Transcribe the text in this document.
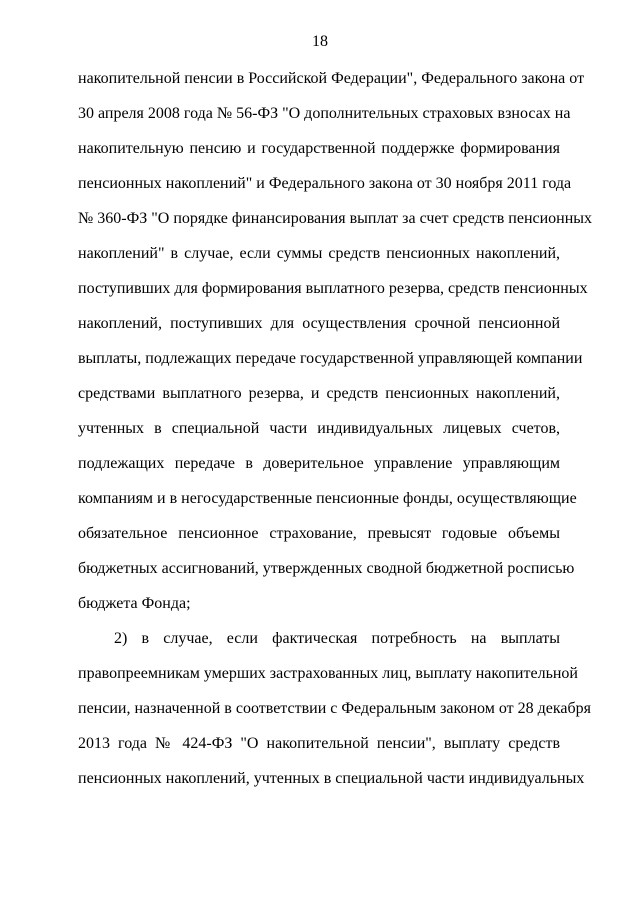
18
накопительной пенсии в Российской Федерации", Федерального закона от
30 апреля 2008 года № 56-ФЗ "О дополнительных страховых взносах на
накопительную пенсию и государственной поддержке формирования
пенсионных накоплений" и Федерального закона от 30 ноября 2011 года
№ 360-ФЗ "О порядке финансирования выплат за счет средств пенсионных
накоплений" в случае, если суммы средств пенсионных накоплений,
поступивших для формирования выплатного резерва, средств пенсионных
накоплений, поступивших для осуществления срочной пенсионной
выплаты, подлежащих передаче государственной управляющей компании
средствами выплатного резерва, и средств пенсионных накоплений,
учтенных в специальной части индивидуальных лицевых счетов,
подлежащих передаче в доверительное управление управляющим
компаниям и в негосударственные пенсионные фонды, осуществляющие
обязательное пенсионное страхование, превысят годовые объемы
бюджетных ассигнований, утвержденных сводной бюджетной росписью
бюджета Фонда;
2) в случае, если фактическая потребность на выплаты
правопреемникам умерших застрахованных лиц, выплату накопительной
пенсии, назначенной в соответствии с Федеральным законом от 28 декабря
2013 года № 424-ФЗ "О накопительной пенсии", выплату средств
пенсионных накоплений, учтенных в специальной части индивидуальных
